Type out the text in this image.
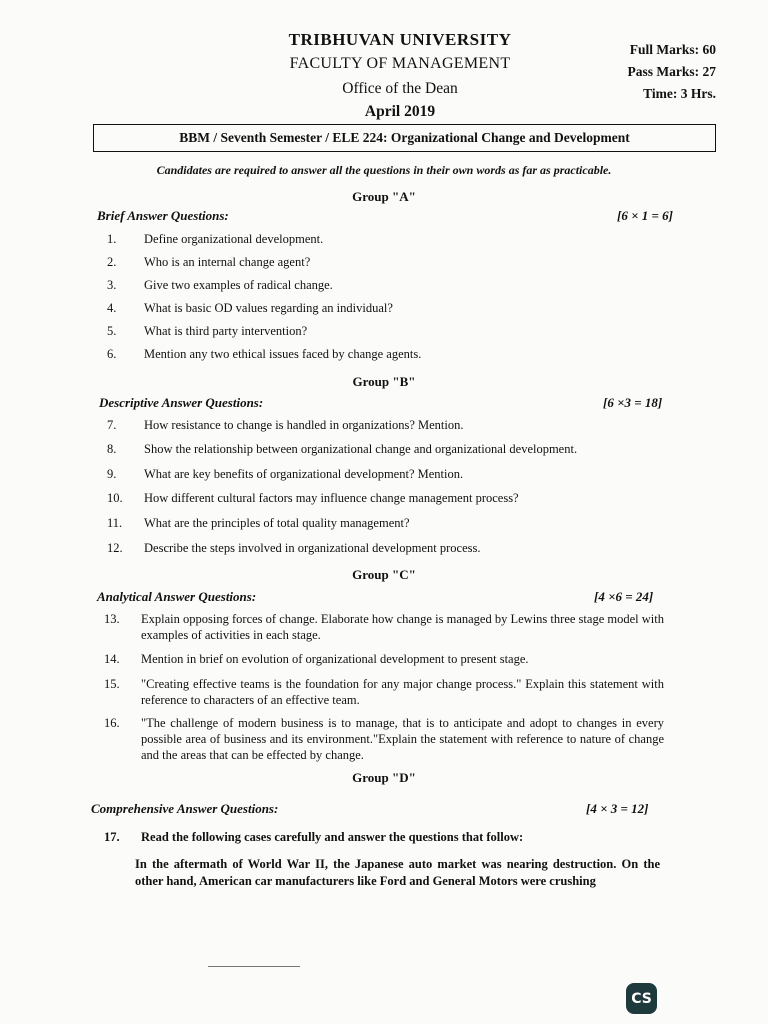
TRIBHUVAN UNIVERSITY
FACULTY OF MANAGEMENT
Office of the Dean
April 2019
Full Marks: 60
Pass Marks: 27
Time: 3 Hrs.
BBM / Seventh Semester / ELE 224: Organizational Change and Development
Candidates are required to answer all the questions in their own words as far as practicable.
Group "A"
Brief Answer Questions:	[6 × 1 = 6]
1.	Define organizational development.
2.	Who is an internal change agent?
3.	Give two examples of radical change.
4.	What is basic OD values regarding an individual?
5.	What is third party intervention?
6.	Mention any two ethical issues faced by change agents.
Group "B"
Descriptive Answer Questions:	[6 ×3 = 18]
7.	How resistance to change is handled in organizations? Mention.
8.	Show the relationship between organizational change and organizational development.
9.	What are key benefits of organizational development? Mention.
10.	How different cultural factors may influence change management process?
11.	What are the principles of total quality management?
12.	Describe the steps involved in organizational development process.
Group "C"
Analytical Answer Questions:	[4 ×6 = 24]
13.	Explain opposing forces of change. Elaborate how change is managed by Lewins three stage model with examples of activities in each stage.
14.	Mention in brief on evolution of organizational development to present stage.
15.	"Creating effective teams is the foundation for any major change process." Explain this statement with reference to characters of an effective team.
16.	"The challenge of modern business is to manage, that is to anticipate and adopt to changes in every possible area of business and its environment."Explain the statement with reference to nature of change and the areas that can be effected by change.
Group "D"
Comprehensive Answer Questions:	[4 × 3 = 12]
17.	Read the following cases carefully and answer the questions that follow:
In the aftermath of World War II, the Japanese auto market was nearing destruction. On the other hand, American car manufacturers like Ford and General Motors were crushing
CS
